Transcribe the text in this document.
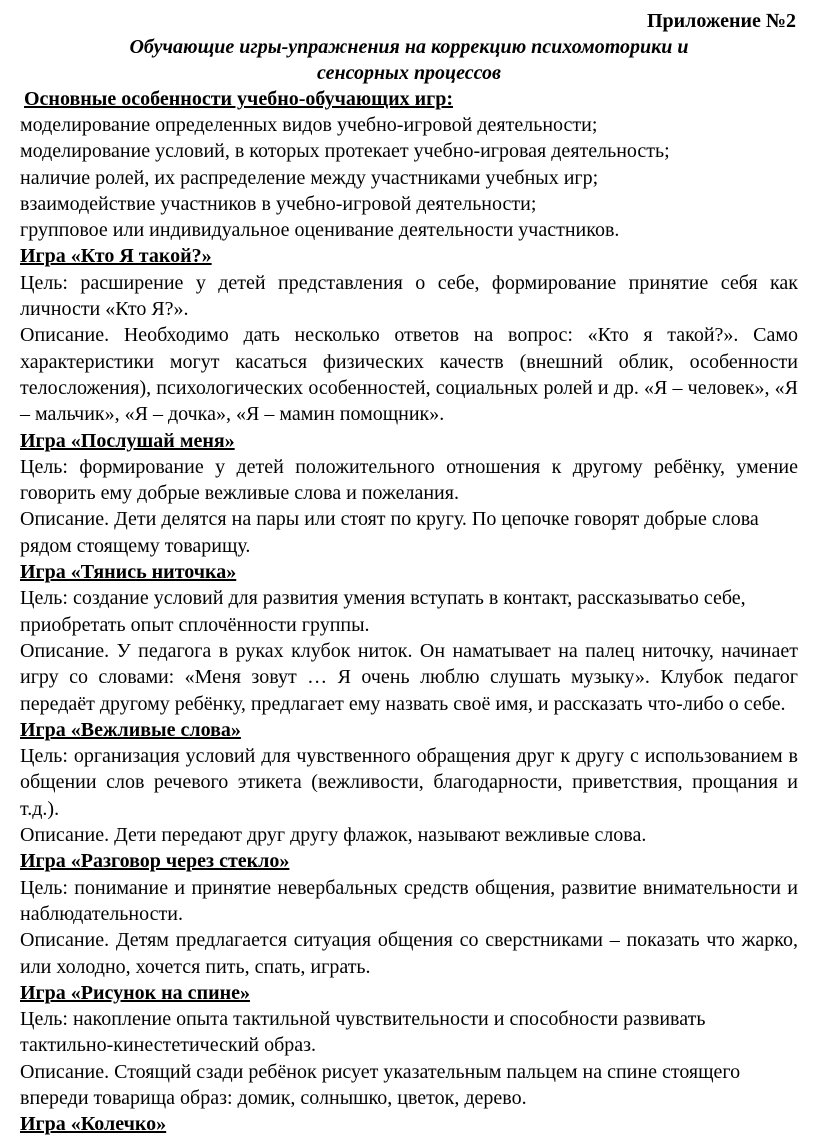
Приложение №2

Обучающие игры-упражнения на коррекцию психомоторики и

сенсорных процессов

Основные особенности учебно-обучающих игр:

моделирование определенных видов учебно-игровой деятельности;

моделирование условий, в которых протекает учебно-игровая деятельность;

наличие ролей, их распределение между участниками учебных игр;

взаимодействие участников в учебно-игровой деятельности;

групповое или индивидуальное оценивание деятельности участников.

Игра «Кто Я такой?»

Цель: расширение у детей представления о себе, формирование принятие себя как личности «Кто Я?».

Описание. Необходимо дать несколько ответов на вопрос: «Кто я такой?». Само характеристики могут касаться физических качеств (внешний облик, особенности телосложения), психологических особенностей, социальных ролей и др. «Я – человек», «Я – мальчик», «Я – дочка», «Я – мамин помощник».

Игра «Послушай меня»

Цель: формирование у детей положительного отношения к другому ребёнку, умение говорить ему добрые вежливые слова и пожелания.

Описание. Дети делятся на пары или стоят по кругу. По цепочке говорят добрые слова рядом стоящему товарищу.

Игра «Тянись ниточка»

Цель: создание условий для развития умения вступать в контакт, рассказыватьо себе, приобретать опыт сплочённости группы.

Описание. У педагога в руках клубок ниток. Он наматывает на палец ниточку, начинает игру со словами: «Меня зовут … Я очень люблю слушать музыку». Клубок педагог передаёт другому ребёнку, предлагает ему назвать своё имя, и рассказать что-либо о себе.

Игра «Вежливые слова»

Цель: организация условий для чувственного обращения друг к другу с использованием в общении слов речевого этикета (вежливости, благодарности, приветствия, прощания и т.д.).

Описание. Дети передают друг другу флажок, называют вежливые слова.

Игра «Разговор через стекло»

Цель: понимание и принятие невербальных средств общения, развитие внимательности и наблюдательности.

Описание. Детям предлагается ситуация общения со сверстниками – показать что жарко, или холодно, хочется пить, спать, играть.

Игра «Рисунок на спине»

Цель: накопление опыта тактильной чувствительности и способности развивать тактильно-кинестетический образ.

Описание. Стоящий сзади ребёнок рисует указательным пальцем на спине стоящего впереди товарища образ: домик, солнышко, цветок, дерево.

Игра «Колечко»
